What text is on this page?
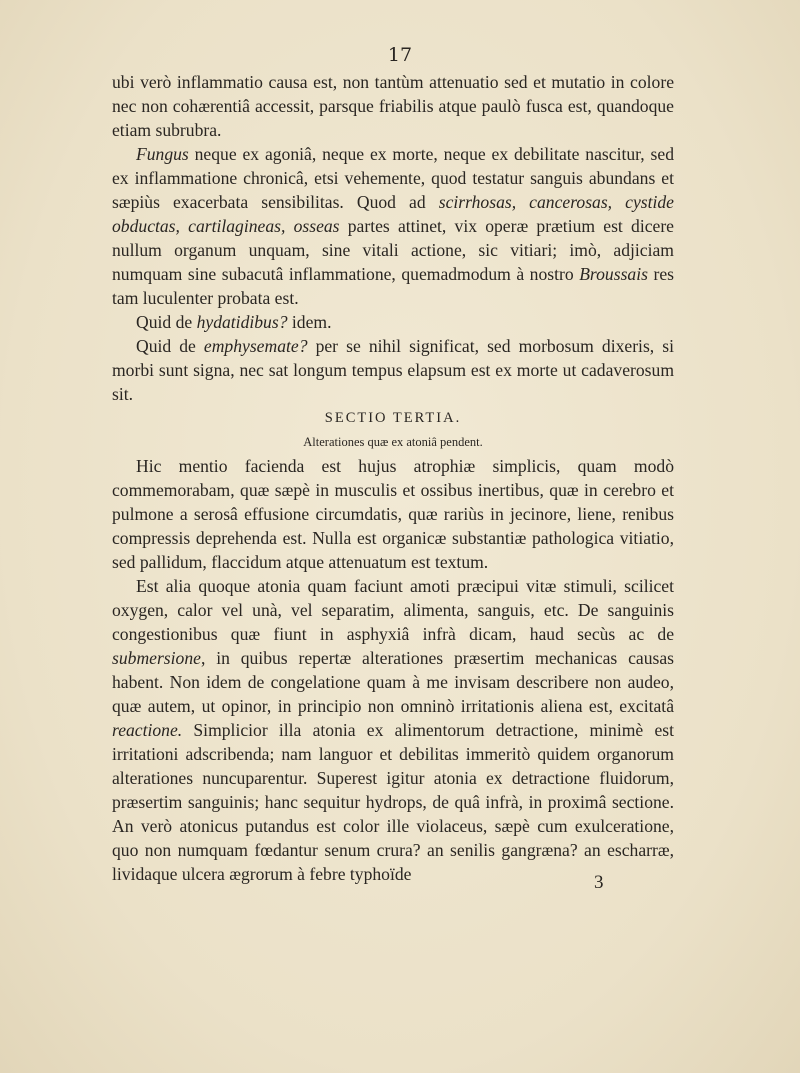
17

ubi verò inflammatio causa est, non tantùm attenuatio sed et mutatio in colore nec non cohærentiâ accessit, parsque friabilis atque paulò fusca est, quandoque etiam subrubra.

Fungus neque ex agoniâ, neque ex morte, neque ex debilitate nascitur, sed ex inflammatione chronicâ, etsi vehemente, quod testatur sanguis abundans et sæpiùs exacerbata sensibilitas. Quod ad scirrhosas, cancerosas, cystide obductas, cartilagineas, osseas partes attinet, vix operæ prætium est dicere nullum organum unquam, sine vitali actione, sic vitiari; imò, adjiciam numquam sine subacutâ inflammatione, quemadmodum à nostro Broussais res tam luculenter probata est.

Quid de hydatidibus? idem.

Quid de emphysemate? per se nihil significat, sed morbosum dixeris, si morbi sunt signa, nec sat longum tempus elapsum est ex morte ut cadaverosum sit.

SECTIO TERTIA.

Alterationes quæ ex atoniâ pendent.

Hic mentio facienda est hujus atrophiæ simplicis, quam modò commemorabam, quæ sæpè in musculis et ossibus inertibus, quæ in cerebro et pulmone a serosâ effusione circumdatis, quæ rariùs in jecinore, liene, renibus compressis deprehenda est. Nulla est organicæ substantiæ pathologica vitiatio, sed pallidum, flaccidum atque attenuatum est textum.

Est alia quoque atonia quam faciunt amoti præcipui vitæ stimuli, scilicet oxygen, calor vel unà, vel separatim, alimenta, sanguis, etc. De sanguinis congestionibus quæ fiunt in asphyxiâ infrà dicam, haud secùs ac de submersione, in quibus repertæ alterationes præsertim mechanicas causas habent. Non idem de congelatione quam à me invisam describere non audeo, quæ autem, ut opinor, in principio non omninò irritationis aliena est, excitatâ reactione. Simplicior illa atonia ex alimentorum detractione, minimè est irritationi adscribenda; nam languor et debilitas immeritò quidem organorum alterationes nuncuparentur. Superest igitur atonia ex detractione fluidorum, præsertim sanguinis; hanc sequitur hydrops, de quâ infrà, in proximâ sectione. An verò atonicus putandus est color ille violaceus, sæpè cum exulceratione, quo non numquam fœdantur senum crura? an senilis gangræna? an escharræ, lividaque ulcera ægrorum à febre typhoïde	3
